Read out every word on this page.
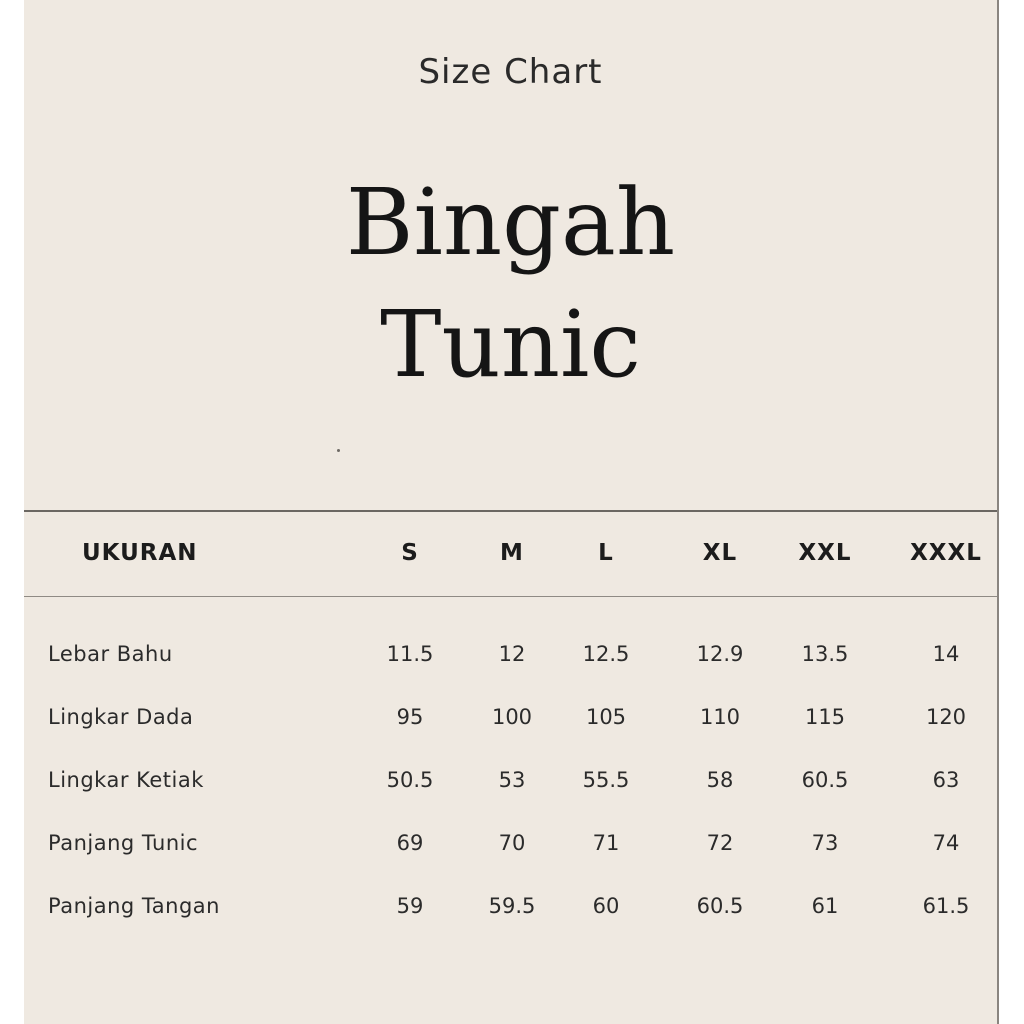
Size Chart
Bingah
Tunic
UKURAN	S	M	L	XL	XXL	XXXL
Lebar Bahu	11.5	12	12.5	12.9	13.5	14
Lingkar Dada	95	100	105	110	115	120
Lingkar Ketiak	50.5	53	55.5	58	60.5	63
Panjang Tunic	69	70	71	72	73	74
Panjang Tangan	59	59.5	60	60.5	61	61.5
